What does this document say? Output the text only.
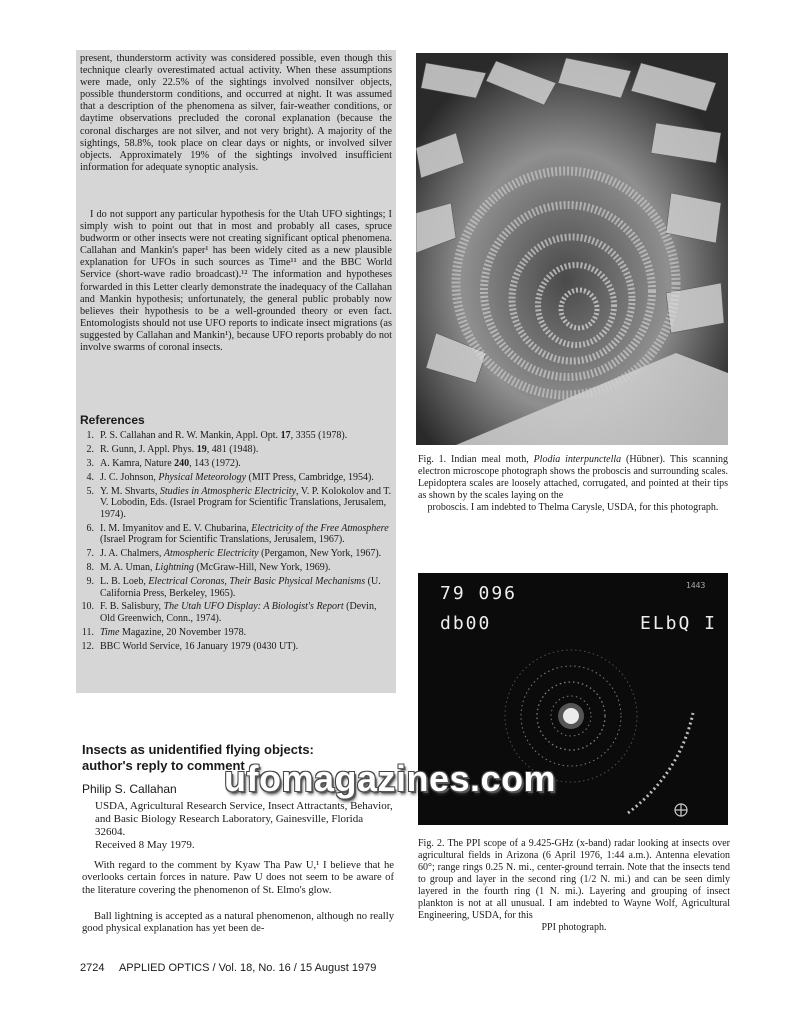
present, thunderstorm activity was considered possible, even though this technique clearly overestimated actual activity. When these assumptions were made, only 22.5% of the sightings involved nonsilver objects, possible thunderstorm conditions, and occurred at night. It was assumed that a description of the phenomena as silver, fair-weather conditions, or daytime observations precluded the coronal explanation (because the coronal discharges are not silver, and not very bright). A majority of the sightings, 58.8%, took place on clear days or nights, or involved silver objects. Approximately 19% of the sightings involved insufficient information for adequate synoptic analysis.

I do not support any particular hypothesis for the Utah UFO sightings; I simply wish to point out that in most and probably all cases, spruce budworm or other insects were not creating significant optical phenomena. Callahan and Mankin's paper¹ has been widely cited as a new plausible explanation for UFOs in such sources as Time¹¹ and the BBC World Service (short-wave radio broadcast).¹² The information and hypotheses forwarded in this Letter clearly demonstrate the inadequacy of the Callahan and Mankin hypothesis; unfortunately, the general public probably now believes their hypothesis to be a well-grounded theory or even fact. Entomologists should not use UFO reports to indicate insect migrations (as suggested by Callahan and Mankin¹), because UFO reports probably do not involve swarms of coronal insects.

References
1. P. S. Callahan and R. W. Mankin, Appl. Opt. 17, 3355 (1978).
2. R. Gunn, J. Appl. Phys. 19, 481 (1948).
3. A. Kamra, Nature 240, 143 (1972).
4. J. C. Johnson, Physical Meteorology (MIT Press, Cambridge, 1954).
5. Y. M. Shvarts, Studies in Atmospheric Electricity, V. P. Kolokolov and T. V. Lobodin, Eds. (Israel Program for Scientific Translations, Jerusalem, 1974).
6. I. M. Imyanitov and E. V. Chubarina, Electricity of the Free Atmosphere (Israel Program for Scientific Translations, Jerusalem, 1967).
7. J. A. Chalmers, Atmospheric Electricity (Pergamon, New York, 1967).
8. M. A. Uman, Lightning (McGraw-Hill, New York, 1969).
9. L. B. Loeb, Electrical Coronas, Their Basic Physical Mechanisms (U. California Press, Berkeley, 1965).
10. F. B. Salisbury, The Utah UFO Display: A Biologist's Report (Devin, Old Greenwich, Conn., 1974).
11. Time Magazine, 20 November 1978.
12. BBC World Service, 16 January 1979 (0430 UT).
Insects as unidentified flying objects:
author's reply to comment

Philip S. Callahan

USDA, Agricultural Research Service, Insect Attractants, Behavior, and Basic Biology Research Laboratory, Gainesville, Florida 32604.
Received 8 May 1979.

With regard to the comment by Kyaw Tha Paw U,¹ I believe that he overlooks certain forces in nature. Paw U does not seem to be aware of the literature covering the phenomenon of St. Elmo's glow.

Ball lightning is accepted as a natural phenomenon, although no really good physical explanation has yet been de-

Fig. 1. Indian meal moth, Plodia interpunctella (Hübner). This scanning electron microscope photograph shows the proboscis and surrounding scales. Lepidoptera scales are loosely attached, corrugated, and pointed at their tips as shown by the scales laying on the
proboscis. I am indebted to Thelma Carysle, USDA, for this photograph.

79 096	1443
db00	ELbQ I

Fig. 2. The PPI scope of a 9.425-GHz (x-band) radar looking at insects over agricultural fields in Arizona (6 April 1976, 1:44 a.m.). Antenna elevation 60°; range rings 0.25 N. mi., center-ground terrain. Note that the insects tend to group and layer in the second ring (1/2 N. mi.) and can be seen dimly layered in the fourth ring (1 N. mi.). Layering and grouping of insect plankton is not at all unusual. I am indebted to Wayne Wolf, Agricultural Engineering, USDA, for this
PPI photograph.

2724 APPLIED OPTICS / Vol. 18, No. 16 / 15 August 1979

ufomagazines.com
